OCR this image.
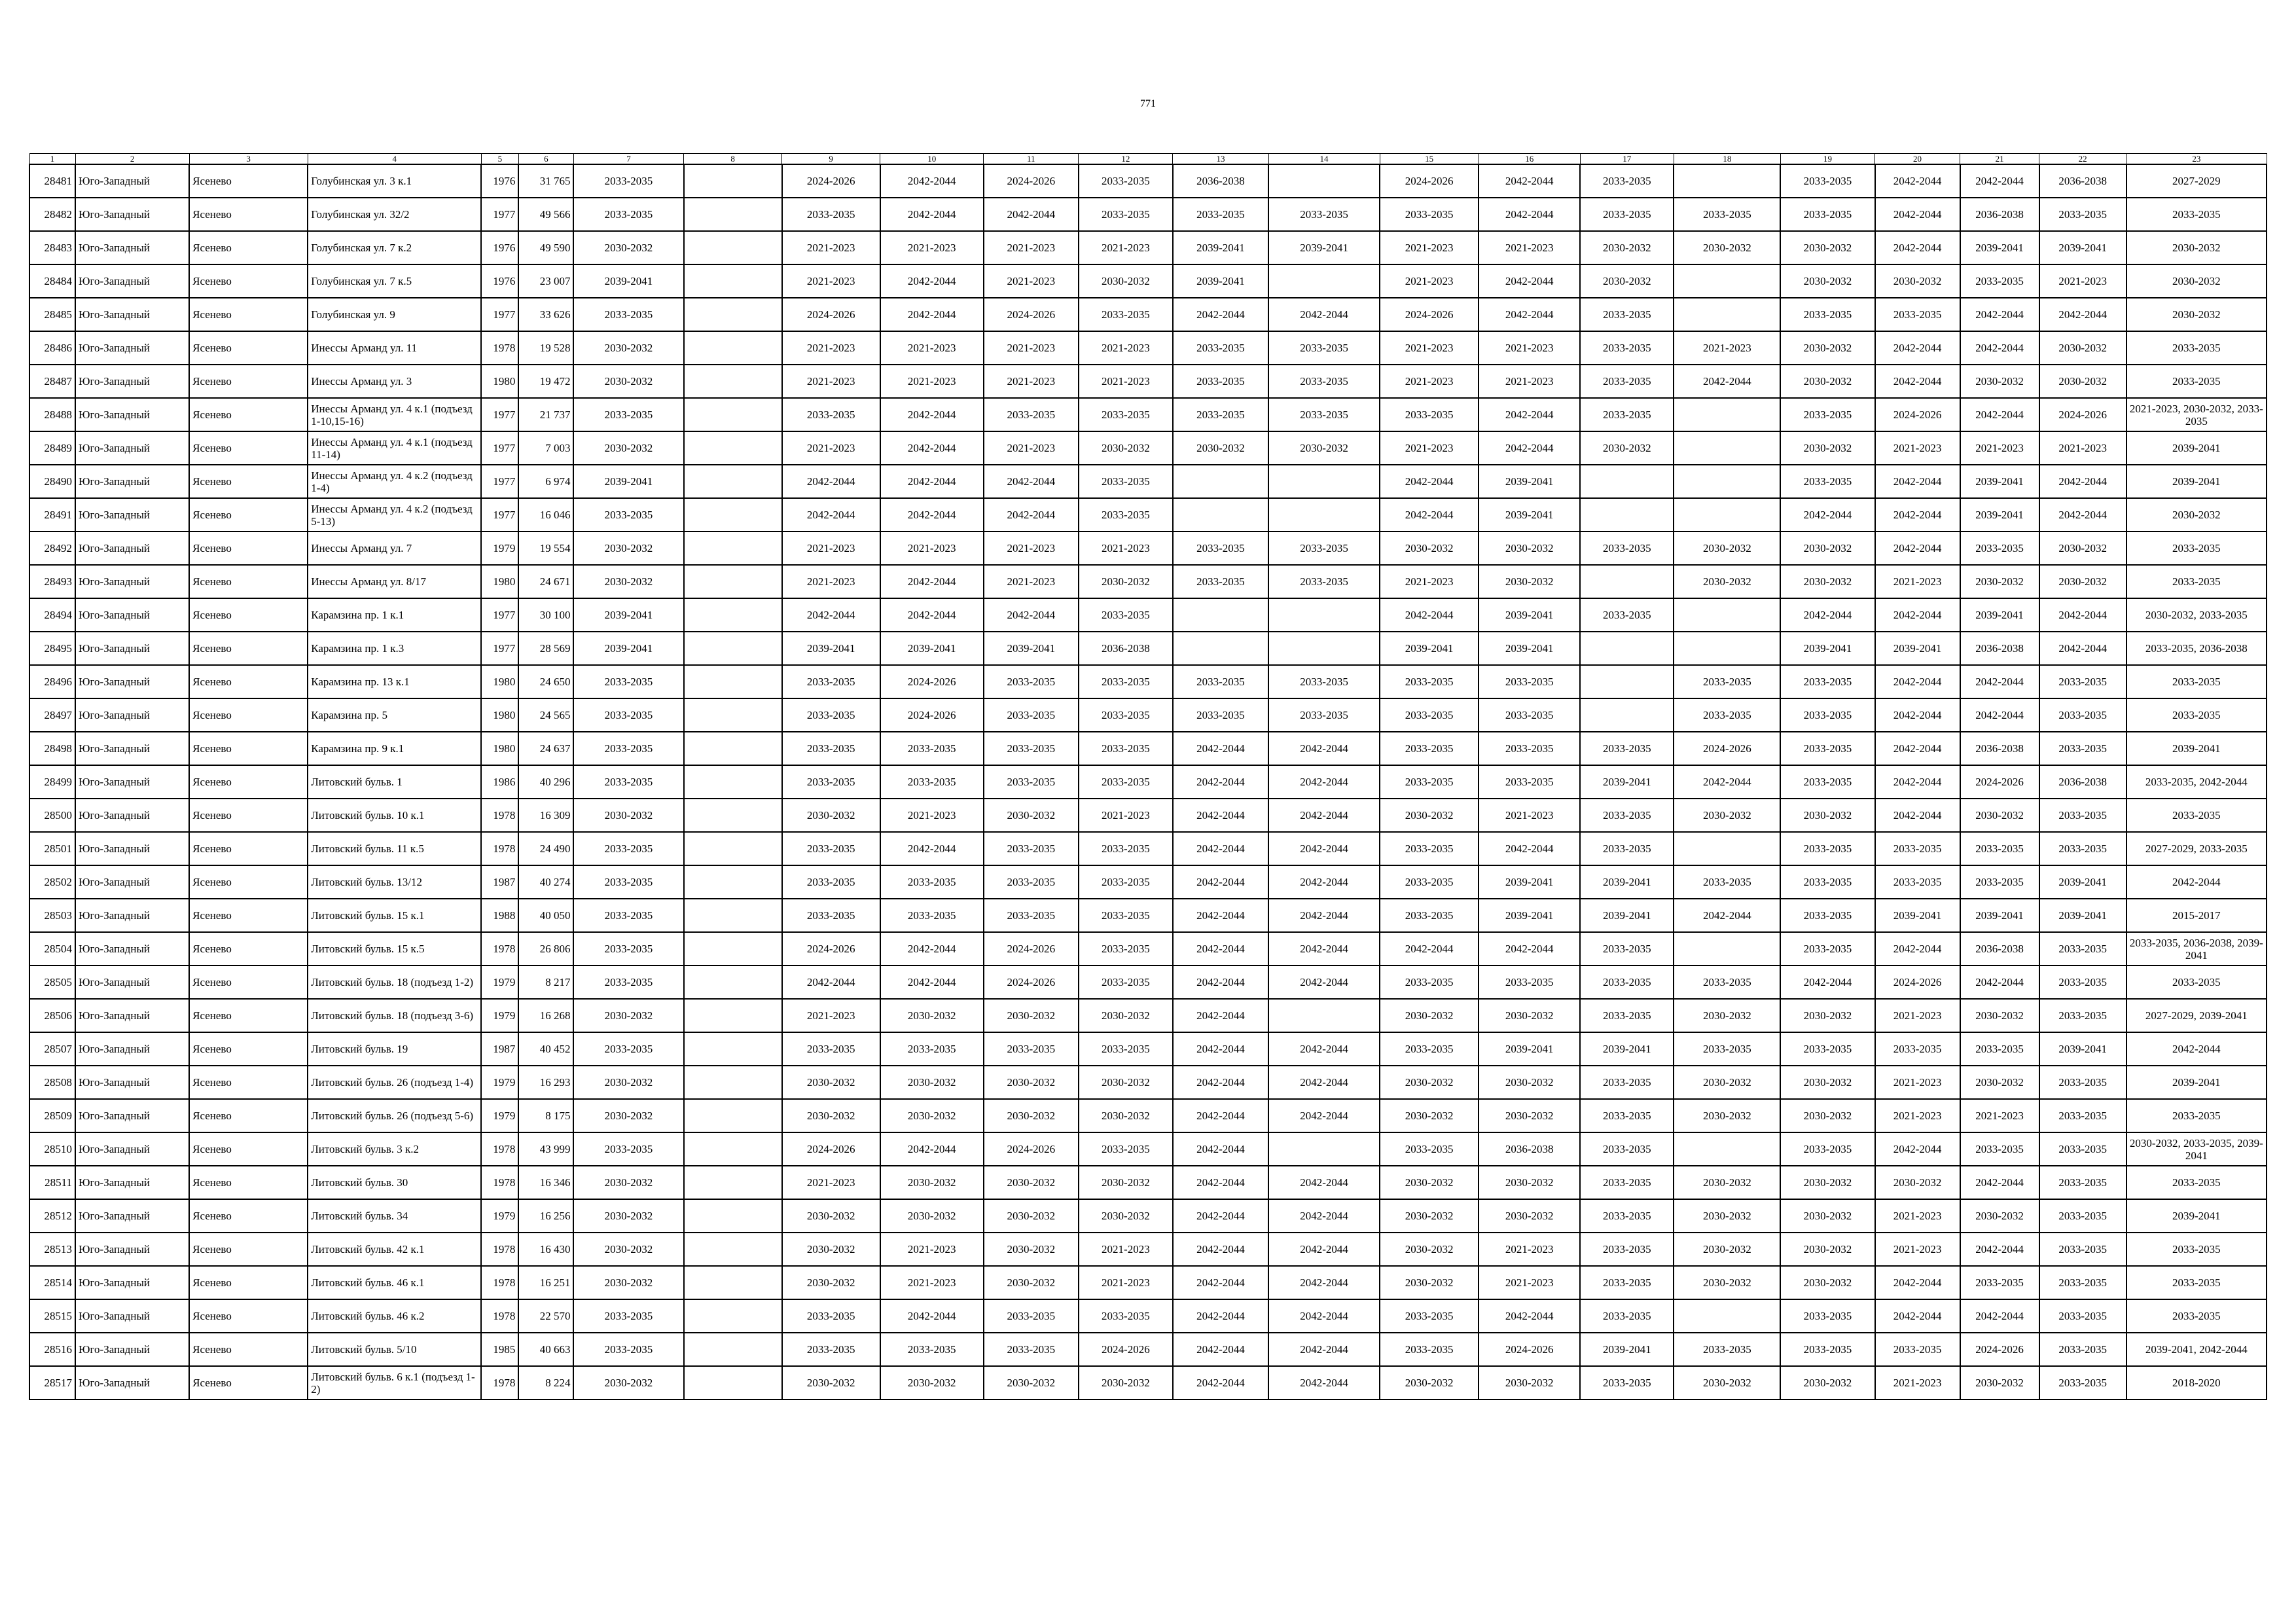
771
1	2	3	4	5	6	7	8	9	10	11	12	13	14	15	16	17	18	19	20	21	22	23
28481	Юго-Западный	Ясенево	Голубинская ул. 3 к.1	1976	31 765	2033-2035		2024-2026	2042-2044	2024-2026	2033-2035	2036-2038		2024-2026	2042-2044	2033-2035		2033-2035	2042-2044	2042-2044	2036-2038	2027-2029
28482	Юго-Западный	Ясенево	Голубинская ул. 32/2	1977	49 566	2033-2035		2033-2035	2042-2044	2042-2044	2033-2035	2033-2035	2033-2035	2033-2035	2042-2044	2033-2035	2033-2035	2033-2035	2042-2044	2036-2038	2033-2035	2033-2035
28483	Юго-Западный	Ясенево	Голубинская ул. 7 к.2	1976	49 590	2030-2032		2021-2023	2021-2023	2021-2023	2021-2023	2039-2041	2039-2041	2021-2023	2021-2023	2030-2032	2030-2032	2030-2032	2042-2044	2039-2041	2039-2041	2030-2032
28484	Юго-Западный	Ясенево	Голубинская ул. 7 к.5	1976	23 007	2039-2041		2021-2023	2042-2044	2021-2023	2030-2032	2039-2041		2021-2023	2042-2044	2030-2032		2030-2032	2030-2032	2033-2035	2021-2023	2030-2032
28485	Юго-Западный	Ясенево	Голубинская ул. 9	1977	33 626	2033-2035		2024-2026	2042-2044	2024-2026	2033-2035	2042-2044	2042-2044	2024-2026	2042-2044	2033-2035		2033-2035	2033-2035	2042-2044	2042-2044	2030-2032
28486	Юго-Западный	Ясенево	Инессы Арманд ул. 11	1978	19 528	2030-2032		2021-2023	2021-2023	2021-2023	2021-2023	2033-2035	2033-2035	2021-2023	2021-2023	2033-2035	2021-2023	2030-2032	2042-2044	2042-2044	2030-2032	2033-2035
28487	Юго-Западный	Ясенево	Инессы Арманд ул. 3	1980	19 472	2030-2032		2021-2023	2021-2023	2021-2023	2021-2023	2033-2035	2033-2035	2021-2023	2021-2023	2033-2035	2042-2044	2030-2032	2042-2044	2030-2032	2030-2032	2033-2035
28488	Юго-Западный	Ясенево	Инессы Арманд ул. 4 к.1 (подъезд 1-10,15-16)	1977	21 737	2033-2035		2033-2035	2042-2044	2033-2035	2033-2035	2033-2035	2033-2035	2033-2035	2042-2044	2033-2035		2033-2035	2024-2026	2042-2044	2024-2026	2021-2023, 2030-2032, 2033-2035
28489	Юго-Западный	Ясенево	Инессы Арманд ул. 4 к.1 (подъезд 11-14)	1977	7 003	2030-2032		2021-2023	2042-2044	2021-2023	2030-2032	2030-2032	2030-2032	2021-2023	2042-2044	2030-2032		2030-2032	2021-2023	2021-2023	2021-2023	2039-2041
28490	Юго-Западный	Ясенево	Инессы Арманд ул. 4 к.2 (подъезд 1-4)	1977	6 974	2039-2041		2042-2044	2042-2044	2042-2044	2033-2035			2042-2044	2039-2041			2033-2035	2042-2044	2039-2041	2042-2044	2039-2041
28491	Юго-Западный	Ясенево	Инессы Арманд ул. 4 к.2 (подъезд 5-13)	1977	16 046	2033-2035		2042-2044	2042-2044	2042-2044	2033-2035			2042-2044	2039-2041			2042-2044	2042-2044	2039-2041	2042-2044	2030-2032
28492	Юго-Западный	Ясенево	Инессы Арманд ул. 7	1979	19 554	2030-2032		2021-2023	2021-2023	2021-2023	2021-2023	2033-2035	2033-2035	2030-2032	2030-2032	2033-2035	2030-2032	2030-2032	2042-2044	2033-2035	2030-2032	2033-2035
28493	Юго-Западный	Ясенево	Инессы Арманд ул. 8/17	1980	24 671	2030-2032		2021-2023	2042-2044	2021-2023	2030-2032	2033-2035	2033-2035	2021-2023	2030-2032		2030-2032	2030-2032	2021-2023	2030-2032	2030-2032	2033-2035
28494	Юго-Западный	Ясенево	Карамзина пр. 1 к.1	1977	30 100	2039-2041		2042-2044	2042-2044	2042-2044	2033-2035			2042-2044	2039-2041	2033-2035		2042-2044	2042-2044	2039-2041	2042-2044	2030-2032, 2033-2035
28495	Юго-Западный	Ясенево	Карамзина пр. 1 к.3	1977	28 569	2039-2041		2039-2041	2039-2041	2039-2041	2036-2038			2039-2041	2039-2041			2039-2041	2039-2041	2036-2038	2042-2044	2033-2035, 2036-2038
28496	Юго-Западный	Ясенево	Карамзина пр. 13 к.1	1980	24 650	2033-2035		2033-2035	2024-2026	2033-2035	2033-2035	2033-2035	2033-2035	2033-2035	2033-2035		2033-2035	2033-2035	2042-2044	2042-2044	2033-2035	2033-2035
28497	Юго-Западный	Ясенево	Карамзина пр. 5	1980	24 565	2033-2035		2033-2035	2024-2026	2033-2035	2033-2035	2033-2035	2033-2035	2033-2035	2033-2035		2033-2035	2033-2035	2042-2044	2042-2044	2033-2035	2033-2035
28498	Юго-Западный	Ясенево	Карамзина пр. 9 к.1	1980	24 637	2033-2035		2033-2035	2033-2035	2033-2035	2033-2035	2042-2044	2042-2044	2033-2035	2033-2035	2033-2035	2024-2026	2033-2035	2042-2044	2036-2038	2033-2035	2039-2041
28499	Юго-Западный	Ясенево	Литовский бульв. 1	1986	40 296	2033-2035		2033-2035	2033-2035	2033-2035	2033-2035	2042-2044	2042-2044	2033-2035	2033-2035	2039-2041	2042-2044	2033-2035	2042-2044	2024-2026	2036-2038	2033-2035, 2042-2044
28500	Юго-Западный	Ясенево	Литовский бульв. 10 к.1	1978	16 309	2030-2032		2030-2032	2021-2023	2030-2032	2021-2023	2042-2044	2042-2044	2030-2032	2021-2023	2033-2035	2030-2032	2030-2032	2042-2044	2030-2032	2033-2035	2033-2035
28501	Юго-Западный	Ясенево	Литовский бульв. 11 к.5	1978	24 490	2033-2035		2033-2035	2042-2044	2033-2035	2033-2035	2042-2044	2042-2044	2033-2035	2042-2044	2033-2035		2033-2035	2033-2035	2033-2035	2033-2035	2027-2029, 2033-2035
28502	Юго-Западный	Ясенево	Литовский бульв. 13/12	1987	40 274	2033-2035		2033-2035	2033-2035	2033-2035	2033-2035	2042-2044	2042-2044	2033-2035	2039-2041	2039-2041	2033-2035	2033-2035	2033-2035	2033-2035	2039-2041	2042-2044
28503	Юго-Западный	Ясенево	Литовский бульв. 15 к.1	1988	40 050	2033-2035		2033-2035	2033-2035	2033-2035	2033-2035	2042-2044	2042-2044	2033-2035	2039-2041	2039-2041	2042-2044	2033-2035	2039-2041	2039-2041	2039-2041	2015-2017
28504	Юго-Западный	Ясенево	Литовский бульв. 15 к.5	1978	26 806	2033-2035		2024-2026	2042-2044	2024-2026	2033-2035	2042-2044	2042-2044	2042-2044	2042-2044	2033-2035		2033-2035	2042-2044	2036-2038	2033-2035	2033-2035, 2036-2038, 2039-2041
28505	Юго-Западный	Ясенево	Литовский бульв. 18 (подъезд 1-2)	1979	8 217	2033-2035		2042-2044	2042-2044	2024-2026	2033-2035	2042-2044	2042-2044	2033-2035	2033-2035	2033-2035	2033-2035	2042-2044	2024-2026	2042-2044	2033-2035	2033-2035
28506	Юго-Западный	Ясенево	Литовский бульв. 18 (подъезд 3-6)	1979	16 268	2030-2032		2021-2023	2030-2032	2030-2032	2030-2032	2042-2044		2030-2032	2030-2032	2033-2035	2030-2032	2030-2032	2021-2023	2030-2032	2033-2035	2027-2029, 2039-2041
28507	Юго-Западный	Ясенево	Литовский бульв. 19	1987	40 452	2033-2035		2033-2035	2033-2035	2033-2035	2033-2035	2042-2044	2042-2044	2033-2035	2039-2041	2039-2041	2033-2035	2033-2035	2033-2035	2033-2035	2039-2041	2042-2044
28508	Юго-Западный	Ясенево	Литовский бульв. 26 (подъезд 1-4)	1979	16 293	2030-2032		2030-2032	2030-2032	2030-2032	2030-2032	2042-2044	2042-2044	2030-2032	2030-2032	2033-2035	2030-2032	2030-2032	2021-2023	2030-2032	2033-2035	2039-2041
28509	Юго-Западный	Ясенево	Литовский бульв. 26 (подъезд 5-6)	1979	8 175	2030-2032		2030-2032	2030-2032	2030-2032	2030-2032	2042-2044	2042-2044	2030-2032	2030-2032	2033-2035	2030-2032	2030-2032	2021-2023	2021-2023	2033-2035	2033-2035
28510	Юго-Западный	Ясенево	Литовский бульв. 3 к.2	1978	43 999	2033-2035		2024-2026	2042-2044	2024-2026	2033-2035	2042-2044		2033-2035	2036-2038	2033-2035		2033-2035	2042-2044	2033-2035	2033-2035	2030-2032, 2033-2035, 2039-2041
28511	Юго-Западный	Ясенево	Литовский бульв. 30	1978	16 346	2030-2032		2021-2023	2030-2032	2030-2032	2030-2032	2042-2044	2042-2044	2030-2032	2030-2032	2033-2035	2030-2032	2030-2032	2030-2032	2042-2044	2033-2035	2033-2035
28512	Юго-Западный	Ясенево	Литовский бульв. 34	1979	16 256	2030-2032		2030-2032	2030-2032	2030-2032	2030-2032	2042-2044	2042-2044	2030-2032	2030-2032	2033-2035	2030-2032	2030-2032	2021-2023	2030-2032	2033-2035	2039-2041
28513	Юго-Западный	Ясенево	Литовский бульв. 42 к.1	1978	16 430	2030-2032		2030-2032	2021-2023	2030-2032	2021-2023	2042-2044	2042-2044	2030-2032	2021-2023	2033-2035	2030-2032	2030-2032	2021-2023	2042-2044	2033-2035	2033-2035
28514	Юго-Западный	Ясенево	Литовский бульв. 46 к.1	1978	16 251	2030-2032		2030-2032	2021-2023	2030-2032	2021-2023	2042-2044	2042-2044	2030-2032	2021-2023	2033-2035	2030-2032	2030-2032	2042-2044	2033-2035	2033-2035	2033-2035
28515	Юго-Западный	Ясенево	Литовский бульв. 46 к.2	1978	22 570	2033-2035		2033-2035	2042-2044	2033-2035	2033-2035	2042-2044	2042-2044	2033-2035	2042-2044	2033-2035		2033-2035	2042-2044	2042-2044	2033-2035	2033-2035
28516	Юго-Западный	Ясенево	Литовский бульв. 5/10	1985	40 663	2033-2035		2033-2035	2033-2035	2033-2035	2024-2026	2042-2044	2042-2044	2033-2035	2024-2026	2039-2041	2033-2035	2033-2035	2033-2035	2024-2026	2033-2035	2039-2041, 2042-2044
28517	Юго-Западный	Ясенево	Литовский бульв. 6 к.1 (подъезд 1-2)	1978	8 224	2030-2032		2030-2032	2030-2032	2030-2032	2030-2032	2042-2044	2042-2044	2030-2032	2030-2032	2033-2035	2030-2032	2030-2032	2021-2023	2030-2032	2033-2035	2018-2020
